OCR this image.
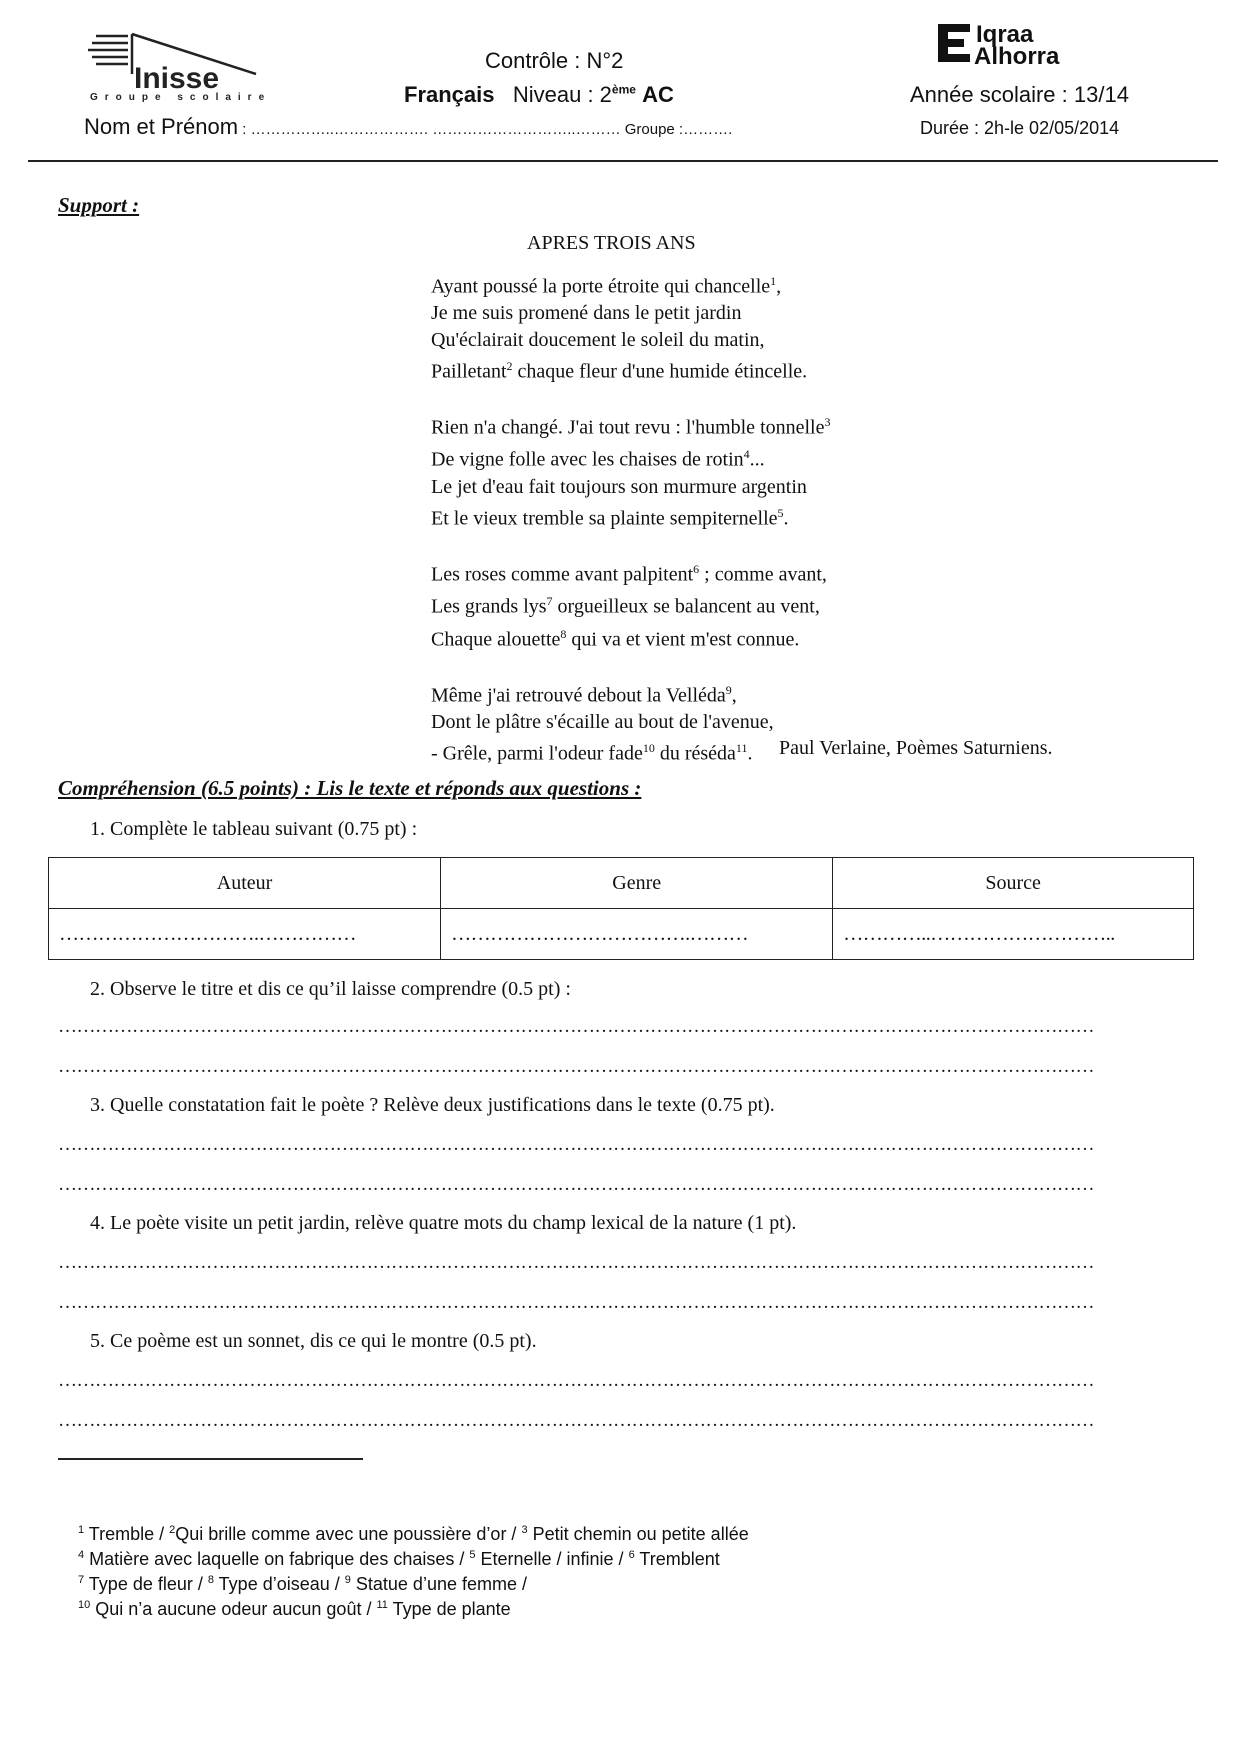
Inisse
Groupe scolaire
Iqraa
Alhorra
Contrôle : N°2
Français Niveau : 2ème AC	Année scolaire : 13/14
Nom et Prénom : ……………..………………. ………………………..……… Groupe :……….	Durée : 2h-le 02/05/2014
Support :
APRES TROIS ANS
Ayant poussé la porte étroite qui chancelle$^1$,
Je me suis promené dans le petit jardin
Qu'éclairait doucement le soleil du matin,
Pailletant$^2$ chaque fleur d'une humide étincelle.
Rien n'a changé. J'ai tout revu : l'humble tonnelle$^3$
De vigne folle avec les chaises de rotin$^4$...
Le jet d'eau fait toujours son murmure argentin
Et le vieux tremble sa plainte sempiternelle$^5$.
Les roses comme avant palpitent$^6$ ; comme avant,
Les grands lys$^7$ orgueilleux se balancent au vent,
Chaque alouette$^8$ qui va et vient m'est connue.
Même j'ai retrouvé debout la Velléda$^9$,
Dont le plâtre s'écaille au bout de l'avenue,
- Grêle, parmi l'odeur fade$^{10}$ du réséda$^{11}$.	Paul Verlaine, Poèmes Saturniens.
Compréhension (6.5 points) : Lis le texte et réponds aux questions :
1. Complète le tableau suivant (0.75 pt) :
Auteur	Genre	Source
………………………….……………	……………………………….………	…………..………………………..
2. Observe le titre et dis ce qu’il laisse comprendre (0.5 pt) :
……………………………………………………………………………………………………………………………………………………
……………………………………………………………………………………………………………………………………………………
3. Quelle constatation fait le poète ? Relève deux justifications dans le texte (0.75 pt).
……………………………………………………………………………………………………………………………………………………
……………………………………………………………………………………………………………………………………………………
4. Le poète visite un petit jardin, relève quatre mots du champ lexical de la nature (1 pt).
……………………………………………………………………………………………………………………………………………………
……………………………………………………………………………………………………………………………………………………
5. Ce poème est un sonnet, dis ce qui le montre (0.5 pt).
……………………………………………………………………………………………………………………………………………………
……………………………………………………………………………………………………………………………………………………
$^1$ Tremble / $^2$Qui brille comme avec une poussière d’or / $^3$ Petit chemin ou petite allée
$^4$ Matière avec laquelle on fabrique des chaises / $^5$ Eternelle / infinie / $^6$ Tremblent
$^7$ Type de fleur / $^8$ Type d’oiseau / $^9$ Statue d’une femme /
$^{10}$ Qui n’a aucune odeur aucun goût / $^{11}$ Type de plante
